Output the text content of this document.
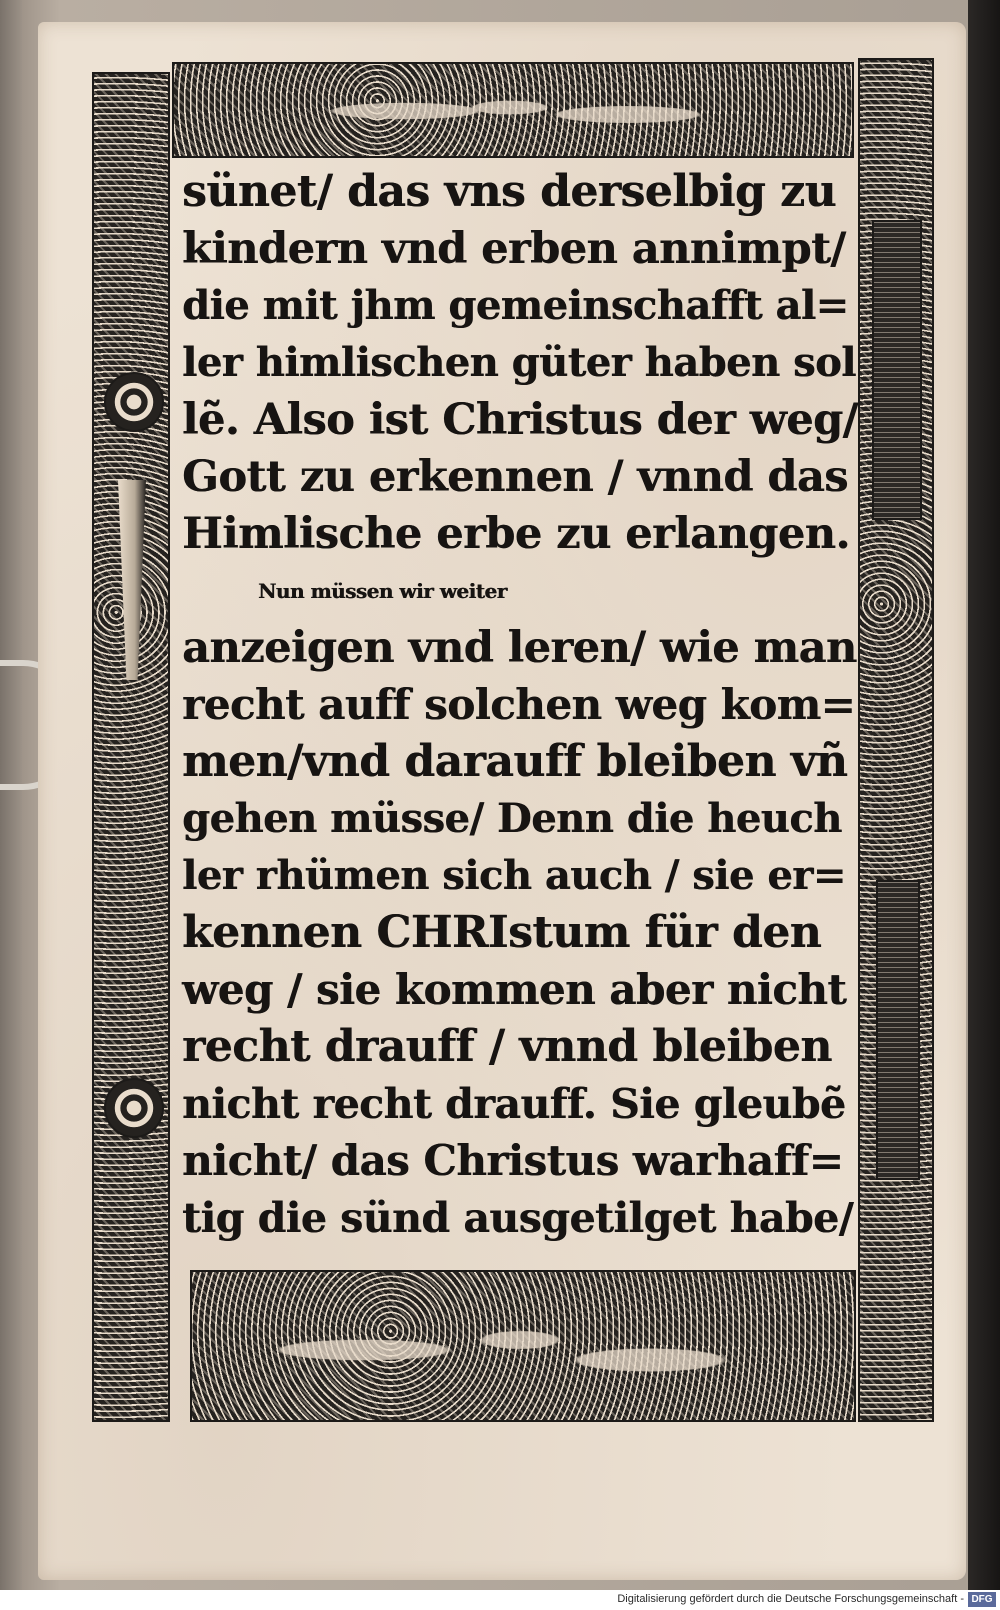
sünet/ das vns derselbig zu
kindern vnd erben annimpt/
die mit jhm gemeinschafft al=
ler himlischen güter haben sol
lẽ. Also ist Christus der weg/
Gott zu erkennen / vnnd das
Himlische erbe zu erlangen.
Nun müssen wir weiter
anzeigen vnd leren/ wie man
recht auff solchen weg kom=
men/vnd darauff bleiben vñ
gehen müsse/ Denn die heuch
ler rhümen sich auch / sie er=
kennen CHRIstum für den
weg / sie kommen aber nicht
recht drauff / vnnd bleiben
nicht recht drauff. Sie gleubẽ
nicht/ das Christus warhaff=
tig die sünd ausgetilget habe/
Digitalisierung gefördert durch die Deutsche Forschungsgemeinschaft - DFG
